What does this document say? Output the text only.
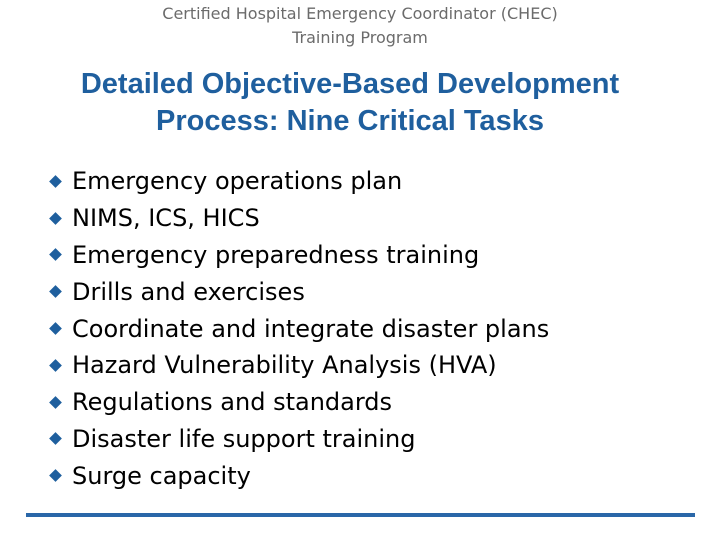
Certified Hospital Emergency Coordinator (CHEC)
Training Program
Detailed Objective-Based Development
Process: Nine Critical Tasks
Emergency operations plan
NIMS, ICS, HICS
Emergency preparedness training
Drills and exercises
Coordinate and integrate disaster plans
Hazard Vulnerability Analysis (HVA)
Regulations and standards
Disaster life support training
Surge capacity
